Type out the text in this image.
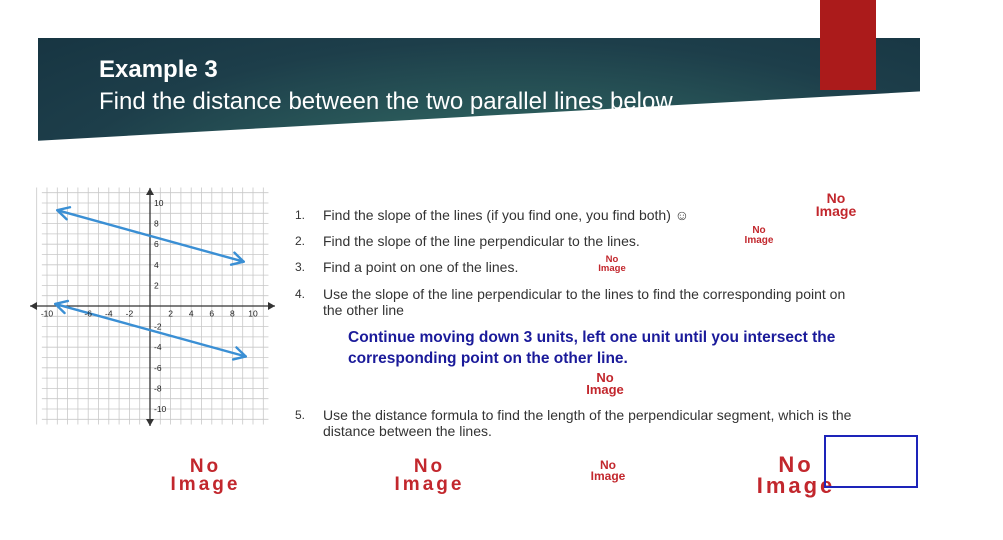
Example 3
Find the distance between the two parallel lines below.
-10	-6 -4 -2	2 4 6 8 10
10
8
6
4
2
-2
-4
-6
-8
-10
1. Find the slope of the lines (if you find one, you find both) ☺
2. Find the slope of the line perpendicular to the lines.
3. Find a point on one of the lines.
4. Use the slope of the line perpendicular to the lines to find the corresponding point on
the other line
Continue moving down 3 units, left one unit until you intersect the corresponding point on the other line.
5. Use the distance formula to find the length of the perpendicular segment, which is the
distance between the lines.
No
Image
No
Image
No
Image
No
Image
No
Image
No
Image
No
Image	No
Image
